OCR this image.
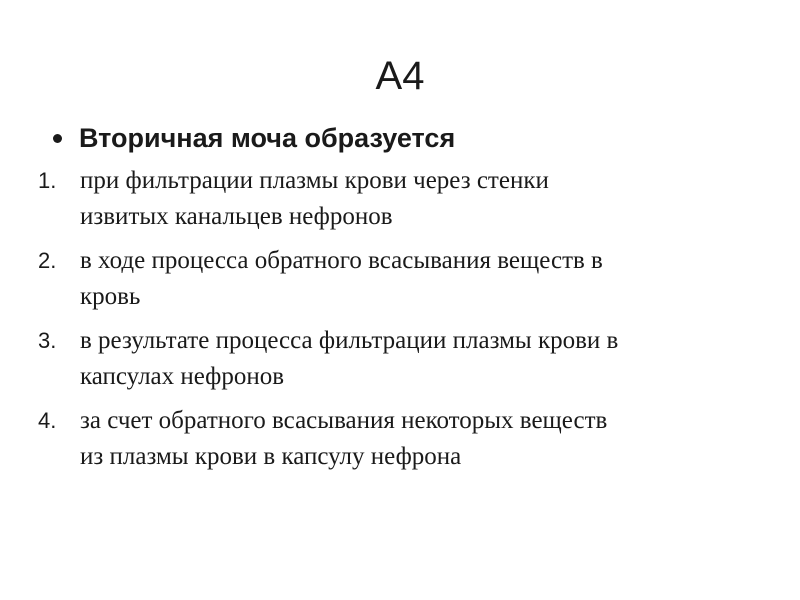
А4
Вторичная моча образуется
1. при фильтрации плазмы крови через стенки
извитых канальцев нефронов
2. в ходе процесса обратного всасывания веществ в
кровь
3. в результате процесса фильтрации плазмы крови в
капсулах нефронов
4. за счет обратного всасывания некоторых веществ
из плазмы крови в капсулу нефрона
